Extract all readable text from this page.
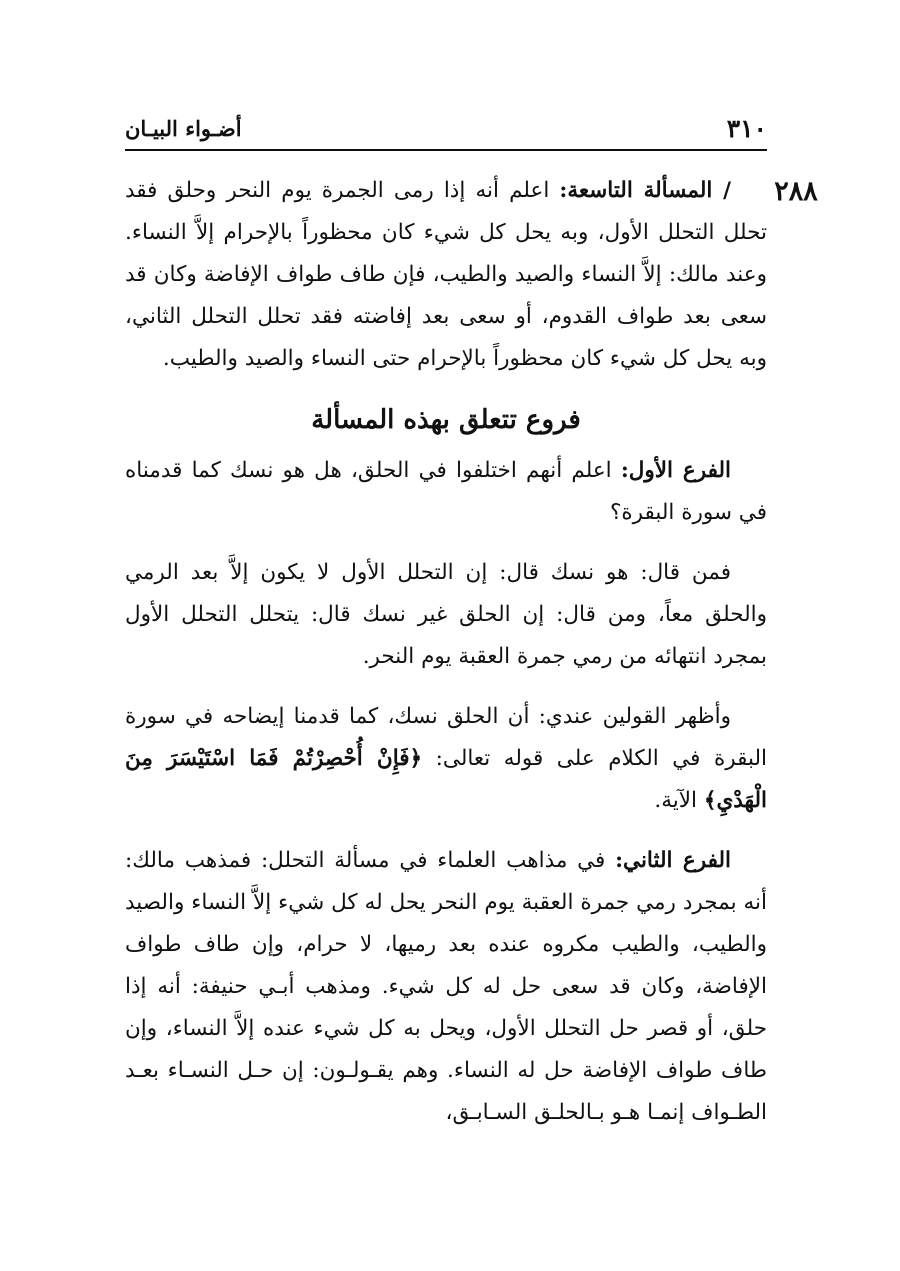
٣١٠
أضـواء البيـان
٢٨٨

/ المسألة التاسعة: اعلم أنه إذا رمى الجمرة يوم النحر وحلق فقد تحلل التحلل الأول، وبه يحل كل شيء كان محظوراً بالإحرام إلاَّ النساء. وعند مالك: إلاَّ النساء والصيد والطيب، فإن طاف طواف الإفاضة وكان قد سعى بعد طواف القدوم، أو سعى بعد إفاضته فقد تحلل التحلل الثاني، وبه يحل كل شيء كان محظوراً بالإحرام حتى النساء والصيد والطيب.

فروع تتعلق بهذه المسألة

الفرع الأول: اعلم أنهم اختلفوا في الحلق، هل هو نسك كما قدمناه في سورة البقرة؟

فمن قال: هو نسك قال: إن التحلل الأول لا يكون إلاَّ بعد الرمي والحلق معاً، ومن قال: إن الحلق غير نسك قال: يتحلل التحلل الأول بمجرد انتهائه من رمي جمرة العقبة يوم النحر.

وأظهر القولين عندي: أن الحلق نسك، كما قدمنا إيضاحه في سورة البقرة في الكلام على قوله تعالى: ﴿فَإِنْ أُحْصِرْتُمْ فَمَا اسْتَيْسَرَ مِنَ الْهَدْيِ﴾ الآية.

الفرع الثاني: في مذاهب العلماء في مسألة التحلل: فمذهب مالك: أنه بمجرد رمي جمرة العقبة يوم النحر يحل له كل شيء إلاَّ النساء والصيد والطيب، والطيب مكروه عنده بعد رميها، لا حرام، وإن طاف طواف الإفاضة، وكان قد سعى حل له كل شيء. ومذهب أبـي حنيفة: أنه إذا حلق، أو قصر حل التحلل الأول، ويحل به كل شيء عنده إلاَّ النساء، وإن طاف طواف الإفاضة حل له النساء. وهم يقـولـون: إن حـل النسـاء بعـد الطـواف إنمـا هـو بـالحلـق السـابـق،
